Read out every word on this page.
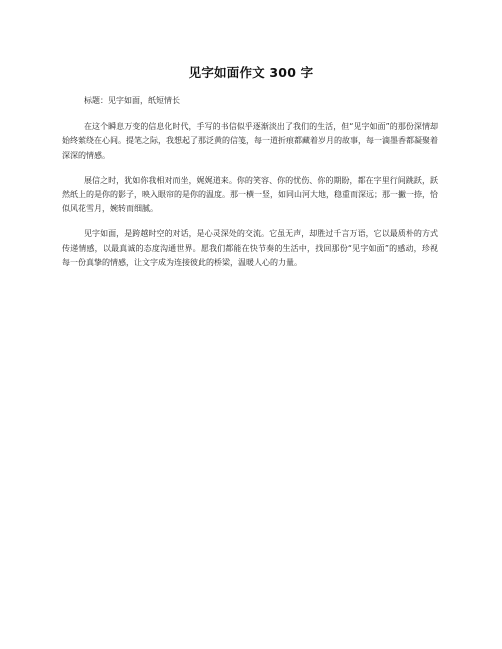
见字如面作文 300 字

标题：见字如面，纸短情长

在这个瞬息万变的信息化时代，手写的书信似乎逐渐淡出了我们的生活，但“见字如面”的那份深情却始终萦绕在心间。提笔之际，我想起了那泛黄的信笺，每一道折痕都藏着岁月的故事，每一滴墨香都凝聚着深深的情感。

展信之时，犹如你我相对而坐，娓娓道来。你的笑容、你的忧伤、你的期盼，都在字里行间跳跃，跃然纸上的是你的影子，映入眼帘的是你的温度。那一横一竖，如同山河大地，稳重而深远；那一撇一捺，恰似风花雪月，婉转而细腻。

见字如面，是跨越时空的对话，是心灵深处的交流。它虽无声，却胜过千言万语，它以最质朴的方式传递情感，以最真诚的态度沟通世界。愿我们都能在快节奏的生活中，找回那份“见字如面”的感动，珍视每一份真挚的情感，让文字成为连接彼此的桥梁，温暖人心的力量。
